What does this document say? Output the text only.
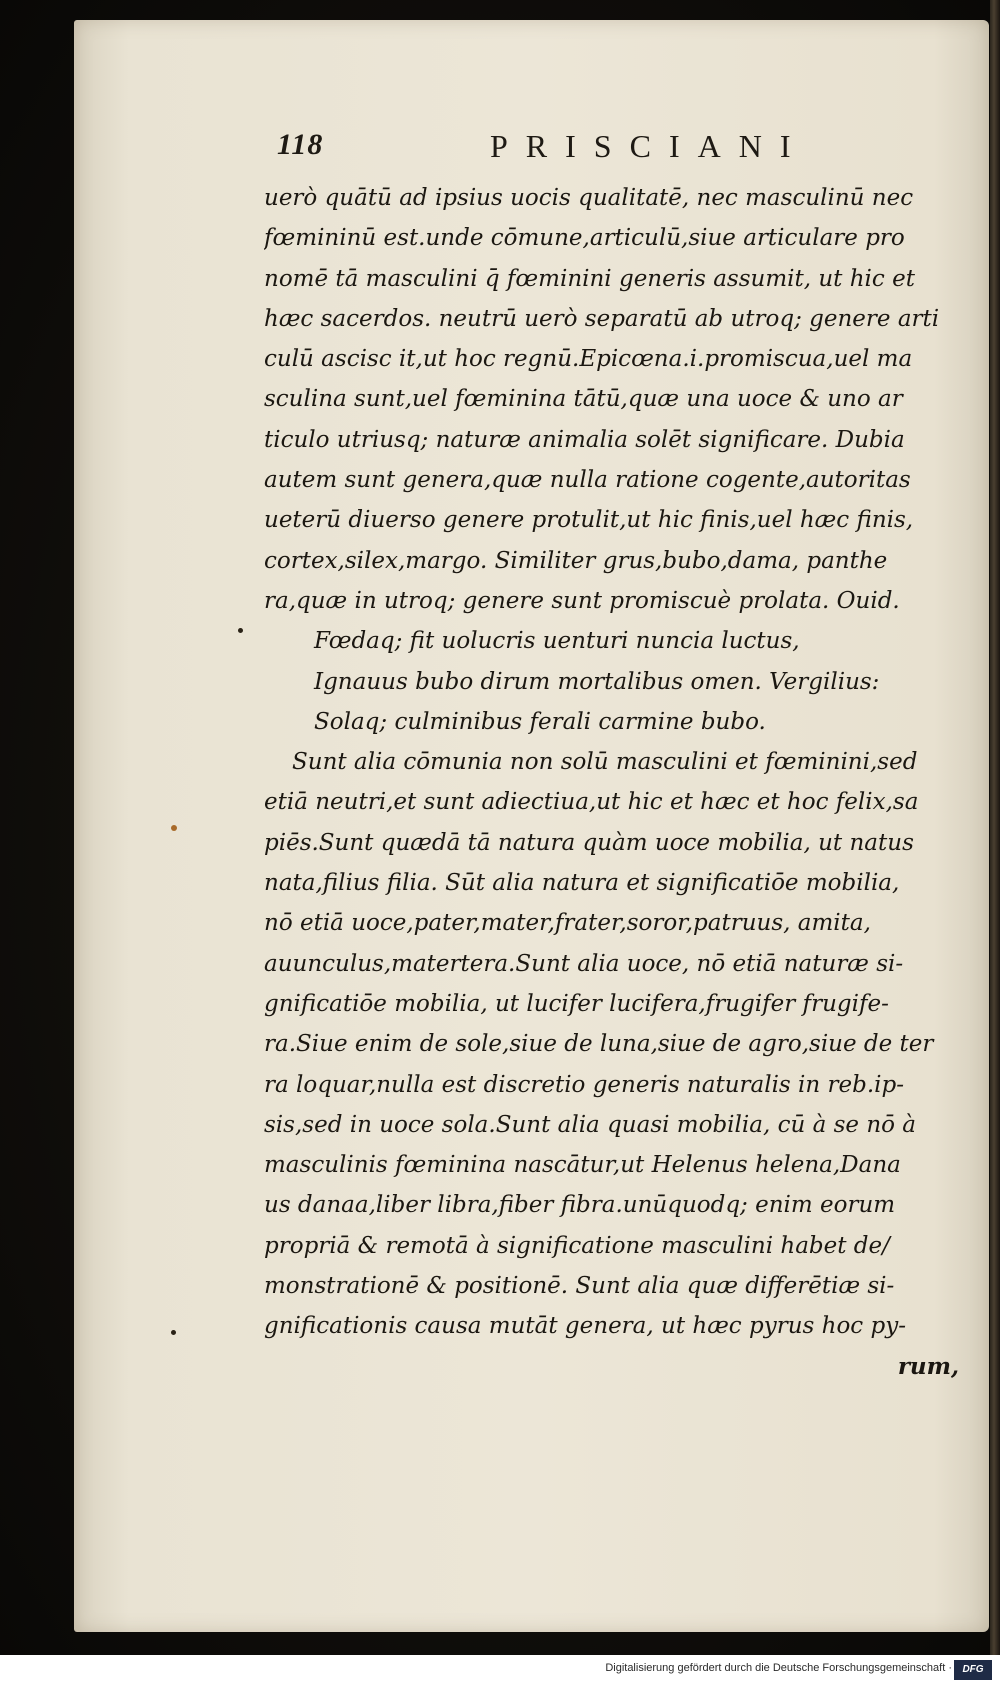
118	PRISCIANI
uerò quātū ad ipsius uocis qualitatē, nec masculinū nec
fœmininū est.unde cōmune,articulū,siue articulare pro
nomē tā masculini q̄ fœminini generis assumit, ut hic et
hæc sacerdos. neutrū uerò separatū ab utroq; genere arti
culū ascisc it,ut hoc regnū.Epicœna.i.promiscua,uel ma
sculina sunt,uel fœminina tātū,quæ una uoce & uno ar
ticulo utriusq; naturæ animalia solēt significare. Dubia
autem sunt genera,quæ nulla ratione cogente,autoritas
ueterū diuerso genere protulit,ut hic finis,uel hæc finis,
cortex,silex,margo. Similiter grus,bubo,dama, panthe
ra,quæ in utroq; genere sunt promiscuè prolata. Ouid.
Fœdaq; fit uolucris uenturi nuncia luctus,
Ignauus bubo dirum mortalibus omen. Vergilius:
Solaq; culminibus ferali carmine bubo.
Sunt alia cōmunia non solū masculini et fœminini,sed
etiā neutri,et sunt adiectiua,ut hic et hæc et hoc felix,sa
piēs.Sunt quædā tā natura quàm uoce mobilia, ut natus
nata,filius filia. Sūt alia natura et significatiōe mobilia,
nō etiā uoce,pater,mater,frater,soror,patruus, amita,
auunculus,matertera.Sunt alia uoce, nō etiā naturæ si-
gnificatiōe mobilia, ut lucifer lucifera,frugifer frugife-
ra.Siue enim de sole,siue de luna,siue de agro,siue de ter
ra loquar,nulla est discretio generis naturalis in reb.ip-
sis,sed in uoce sola.Sunt alia quasi mobilia, cū à se nō à
masculinis fœminina nascātur,ut Helenus helena,Dana
us danaa,liber libra,fiber fibra.unūquodq; enim eorum
propriā & remotā à significatione masculini habet de/
monstrationē & positionē. Sunt alia quæ differētiæ si-
gnificationis causa mutāt genera, ut hæc pyrus hoc py-
rum,
Digitalisierung gefördert durch die Deutsche Forschungsgemeinschaft ·	DFG
